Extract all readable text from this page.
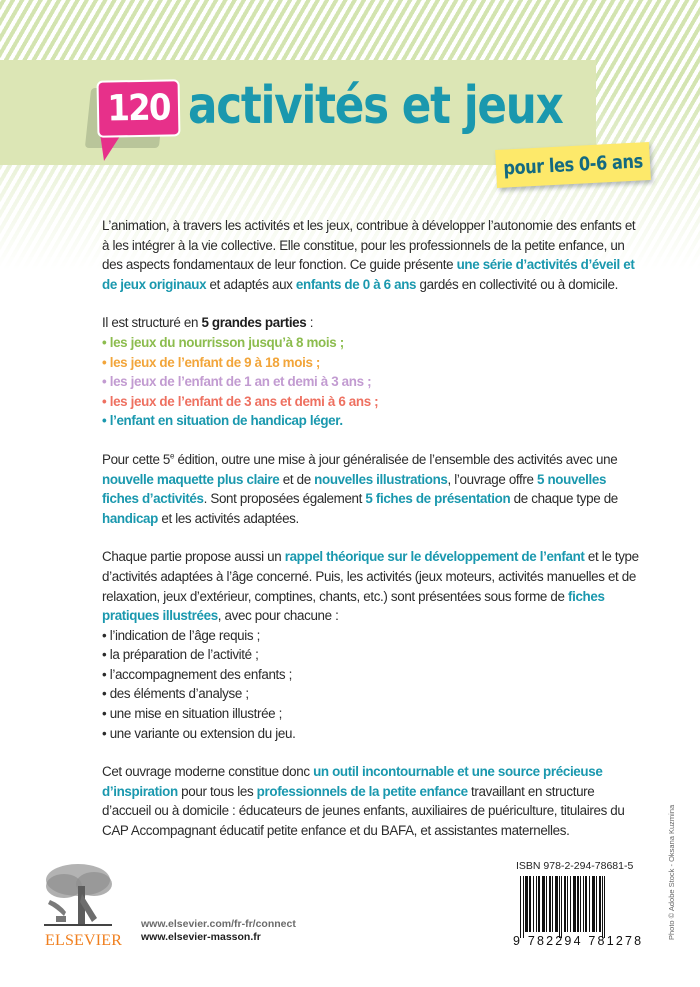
120 activités et jeux
pour les 0-6 ans

L’animation, à travers les activités et les jeux, contribue à développer l’autonomie des enfants et à les intégrer à la vie collective. Elle constitue, pour les professionnels de la petite enfance, un des aspects fondamentaux de leur fonction. Ce guide présente une série d’activités d’éveil et de jeux originaux et adaptés aux enfants de 0 à 6 ans gardés en collectivité ou à domicile.

Il est structuré en 5 grandes parties :

• les jeux du nourrisson jusqu’à 8 mois ;
• les jeux de l’enfant de 9 à 18 mois ;
• les jeux de l’enfant de 1 an et demi à 3 ans ;
• les jeux de l’enfant de 3 ans et demi à 6 ans ;
• l’enfant en situation de handicap léger.

Pour cette 5e édition, outre une mise à jour généralisée de l’ensemble des activités avec une nouvelle maquette plus claire et de nouvelles illustrations, l’ouvrage offre 5 nouvelles fiches d’activités. Sont proposées également 5 fiches de présentation de chaque type de handicap et les activités adaptées.

Chaque partie propose aussi un rappel théorique sur le développement de l’enfant et le type d’activités adaptées à l’âge concerné. Puis, les activités (jeux moteurs, activités manuelles et de relaxation, jeux d’extérieur, comptines, chants, etc.) sont présentées sous forme de fiches pratiques illustrées, avec pour chacune :

• l’indication de l’âge requis ;
• la préparation de l’activité ;
• l’accompagnement des enfants ;
• des éléments d’analyse ;
• une mise en situation illustrée ;
• une variante ou extension du jeu.

Cet ouvrage moderne constitue donc un outil incontournable et une source précieuse d’inspiration pour tous les professionnels de la petite enfance travaillant en structure d’accueil ou à domicile : éducateurs de jeunes enfants, auxiliaires de puériculture, titulaires du CAP Accompagnant éducatif petite enfance et du BAFA, et assistantes maternelles.

ELSEVIER
www.elsevier.com/fr-fr/connect
www.elsevier-masson.fr
ISBN 978-2-294-78681-5
9 782294 781278
Photo © Adobe Stock - Oksana Kuzmina
